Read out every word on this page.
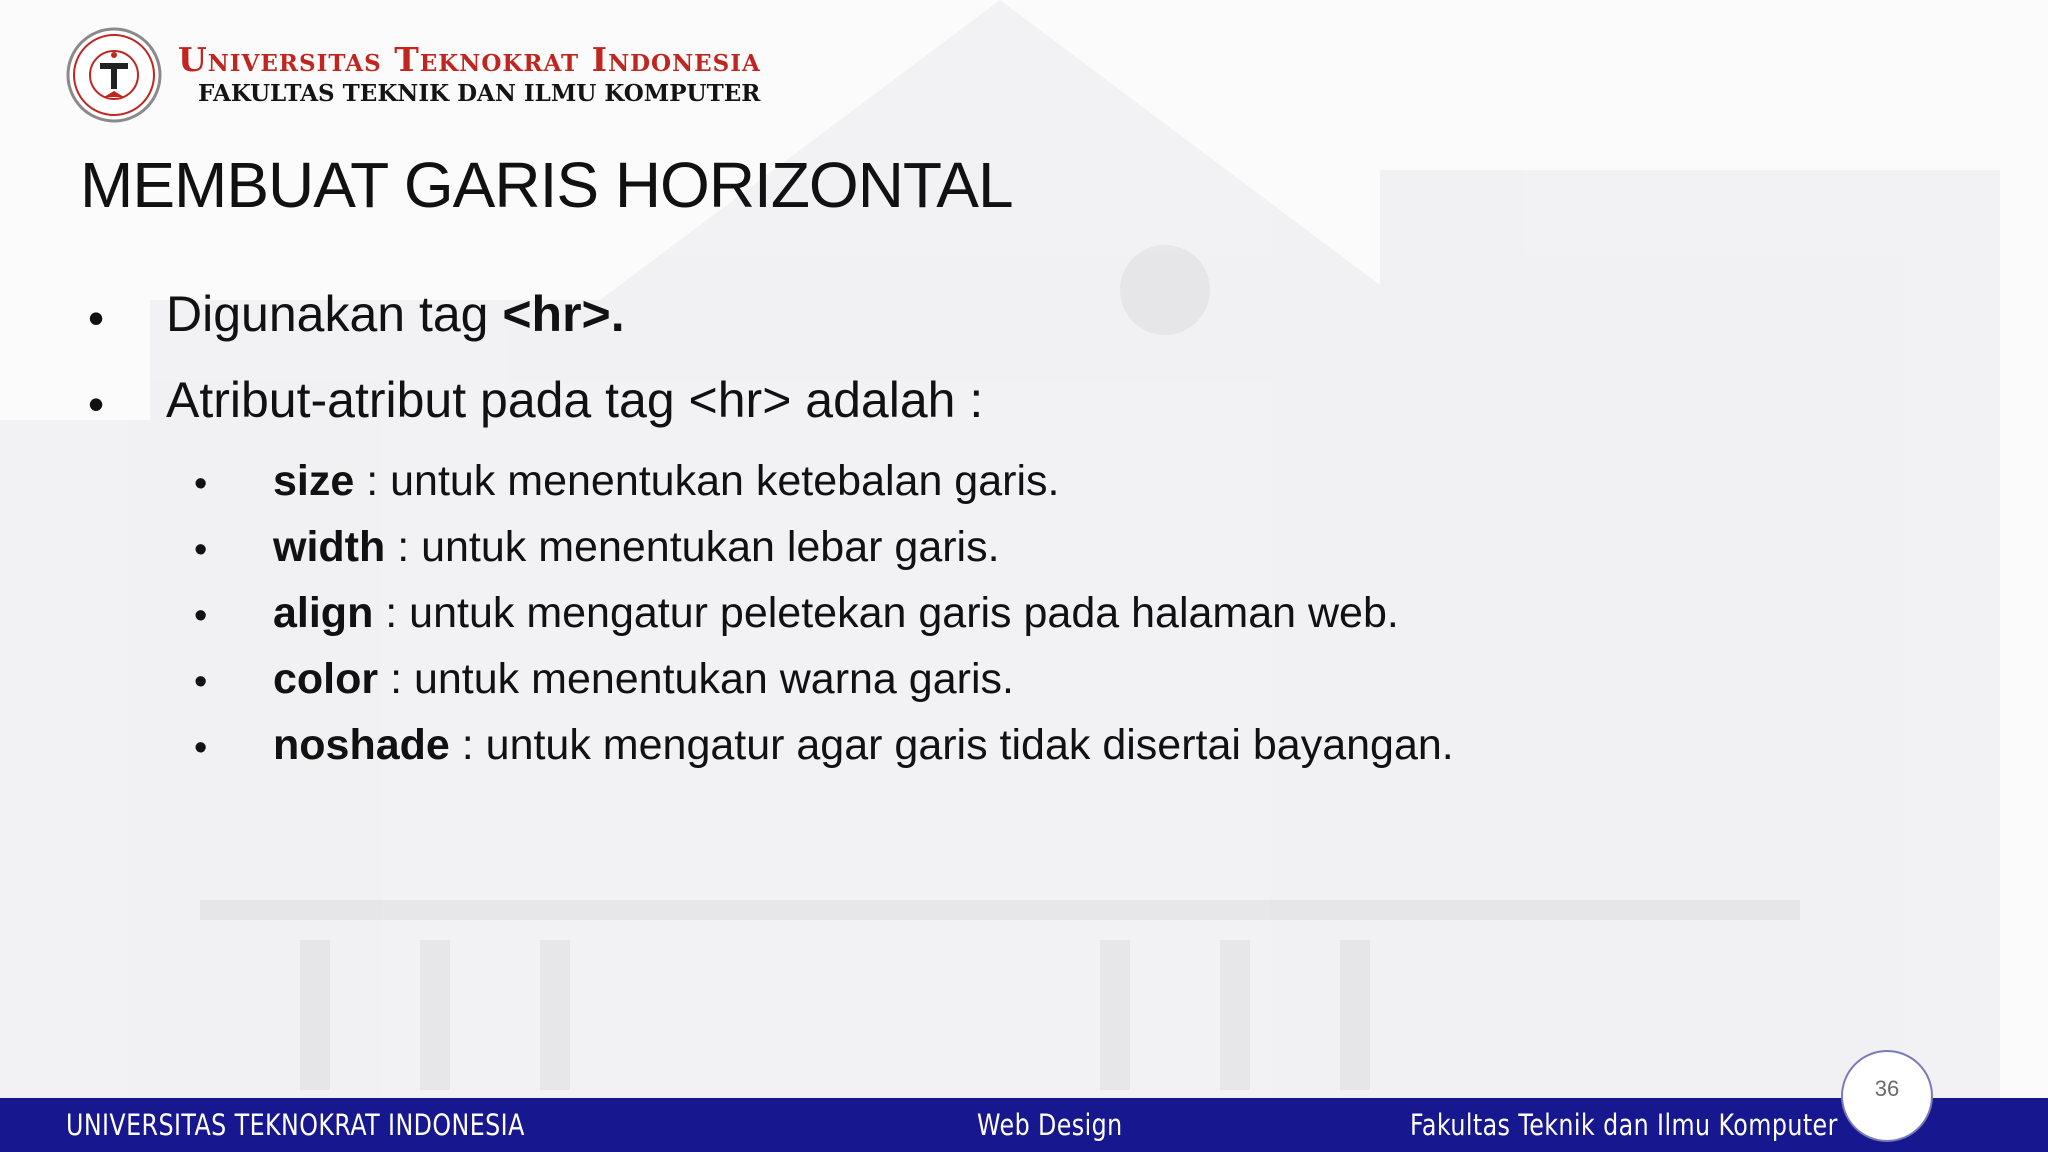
Universitas Teknokrat Indonesia
FAKULTAS TEKNIK DAN ILMU KOMPUTER
MEMBUAT GARIS HORIZONTAL
• Digunakan tag <hr>.
• Atribut-atribut pada tag <hr> adalah :
• size : untuk menentukan ketebalan garis.
• width : untuk menentukan lebar garis.
• align : untuk mengatur peletekan garis pada halaman web.
• color : untuk menentukan warna garis.
• noshade : untuk mengatur agar garis tidak disertai bayangan.
UNIVERSITAS TEKNOKRAT INDONESIA	Web Design	Fakultas Teknik dan Ilmu Komputer
36
